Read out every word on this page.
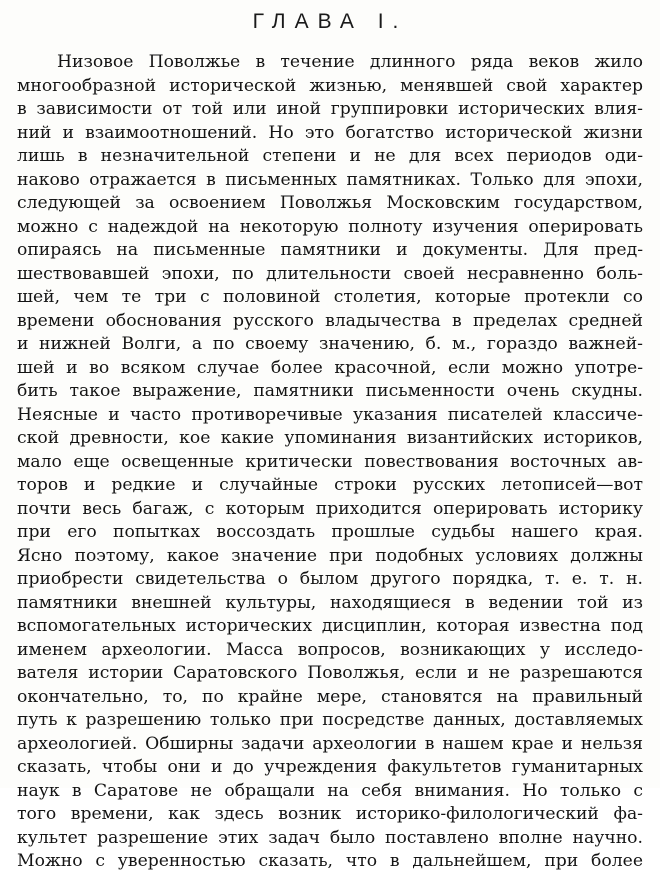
ГЛАВА I.
Низовое Поволжье в течение длинного ряда веков жило
многообразной исторической жизнью, менявшей свой характер
в зависимости от той или иной группировки исторических влия-
ний и взаимоотношений. Но это богатство исторической жизни
лишь в незначительной степени и не для всех периодов оди-
наково отражается в письменных памятниках. Только для эпохи,
следующей за освоением Поволжья Московским государством,
можно с надеждой на некоторую полноту изучения оперировать
опираясь на письменные памятники и документы. Для пред-
шествовавшей эпохи, по длительности своей несравненно боль-
шей, чем те три с половиной столетия, которые протекли со
времени обоснования русского владычества в пределах средней
и нижней Волги, а по своему значению, б. м., гораздо важней-
шей и во всяком случае более красочной, если можно употре-
бить такое выражение, памятники письменности очень скудны.
Неясные и часто противоречивые указания писателей классиче-
ской древности, кое какие упоминания византийских историков,
мало еще освещенные критически повествования восточных ав-
торов и редкие и случайные строки русских летописей—вот
почти весь багаж, с которым приходится оперировать историку
при его попытках воссоздать прошлые судьбы нашего края.
Ясно поэтому, какое значение при подобных условиях должны
приобрести свидетельства о былом другого порядка, т. е. т. н.
памятники внешней культуры, находящиеся в ведении той из
вспомогательных исторических дисциплин, которая известна под
именем археологии. Масса вопросов, возникающих у исследо-
вателя истории Саратовского Поволжья, если и не разрешаются
окончательно, то, по крайне мере, становятся на правильный
путь к разрешению только при посредстве данных, доставляемых
археологией. Обширны задачи археологии в нашем крае и нельзя
сказать, чтобы они и до учреждения факультетов гуманитарных
наук в Саратове не обращали на себя внимания. Но только с
того времени, как здесь возник историко-филологический фа-
культет разрешение этих задач было поставлено вполне научно.
Можно с уверенностью сказать, что в дальнейшем, при более
